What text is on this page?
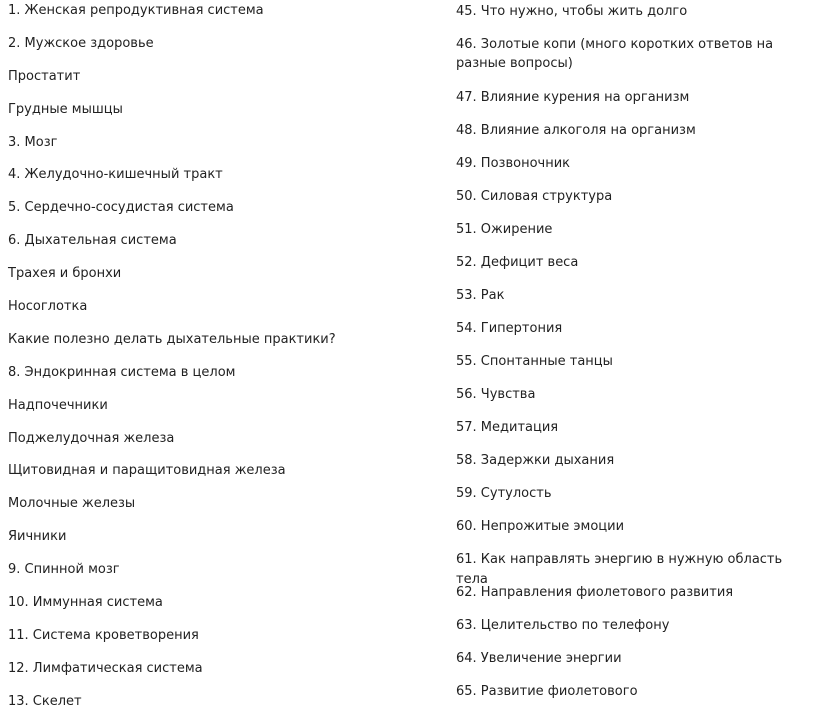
1. Женская репродуктивная система
2. Мужское здоровье
Простатит
Грудные мышцы
3. Мозг
4. Желудочно-кишечный тракт
5. Сердечно-сосудистая система
6. Дыхательная система
Трахея и бронхи
Носоглотка
Какие полезно делать дыхательные практики?
8. Эндокринная система в целом
Надпочечники
Поджелудочная железа
Щитовидная и паращитовидная железа
Молочные железы
Яичники
9. Спинной мозг
10. Иммунная система
11. Система кроветворения
12. Лимфатическая система
13. Скелет
45. Что нужно, чтобы жить долго
46. Золотые копи (много коротких ответов на разные вопросы)
47. Влияние курения на организм
48. Влияние алкоголя на организм
49. Позвоночник
50. Силовая структура
51. Ожирение
52. Дефицит веса
53. Рак
54. Гипертония
55. Спонтанные танцы
56. Чувства
57. Медитация
58. Задержки дыхания
59. Сутулость
60. Непрожитые эмоции
61. Как направлять энергию в нужную область тела
62. Направления фиолетового развития
63. Целительство по телефону
64. Увеличение энергии
65. Развитие фиолетового
